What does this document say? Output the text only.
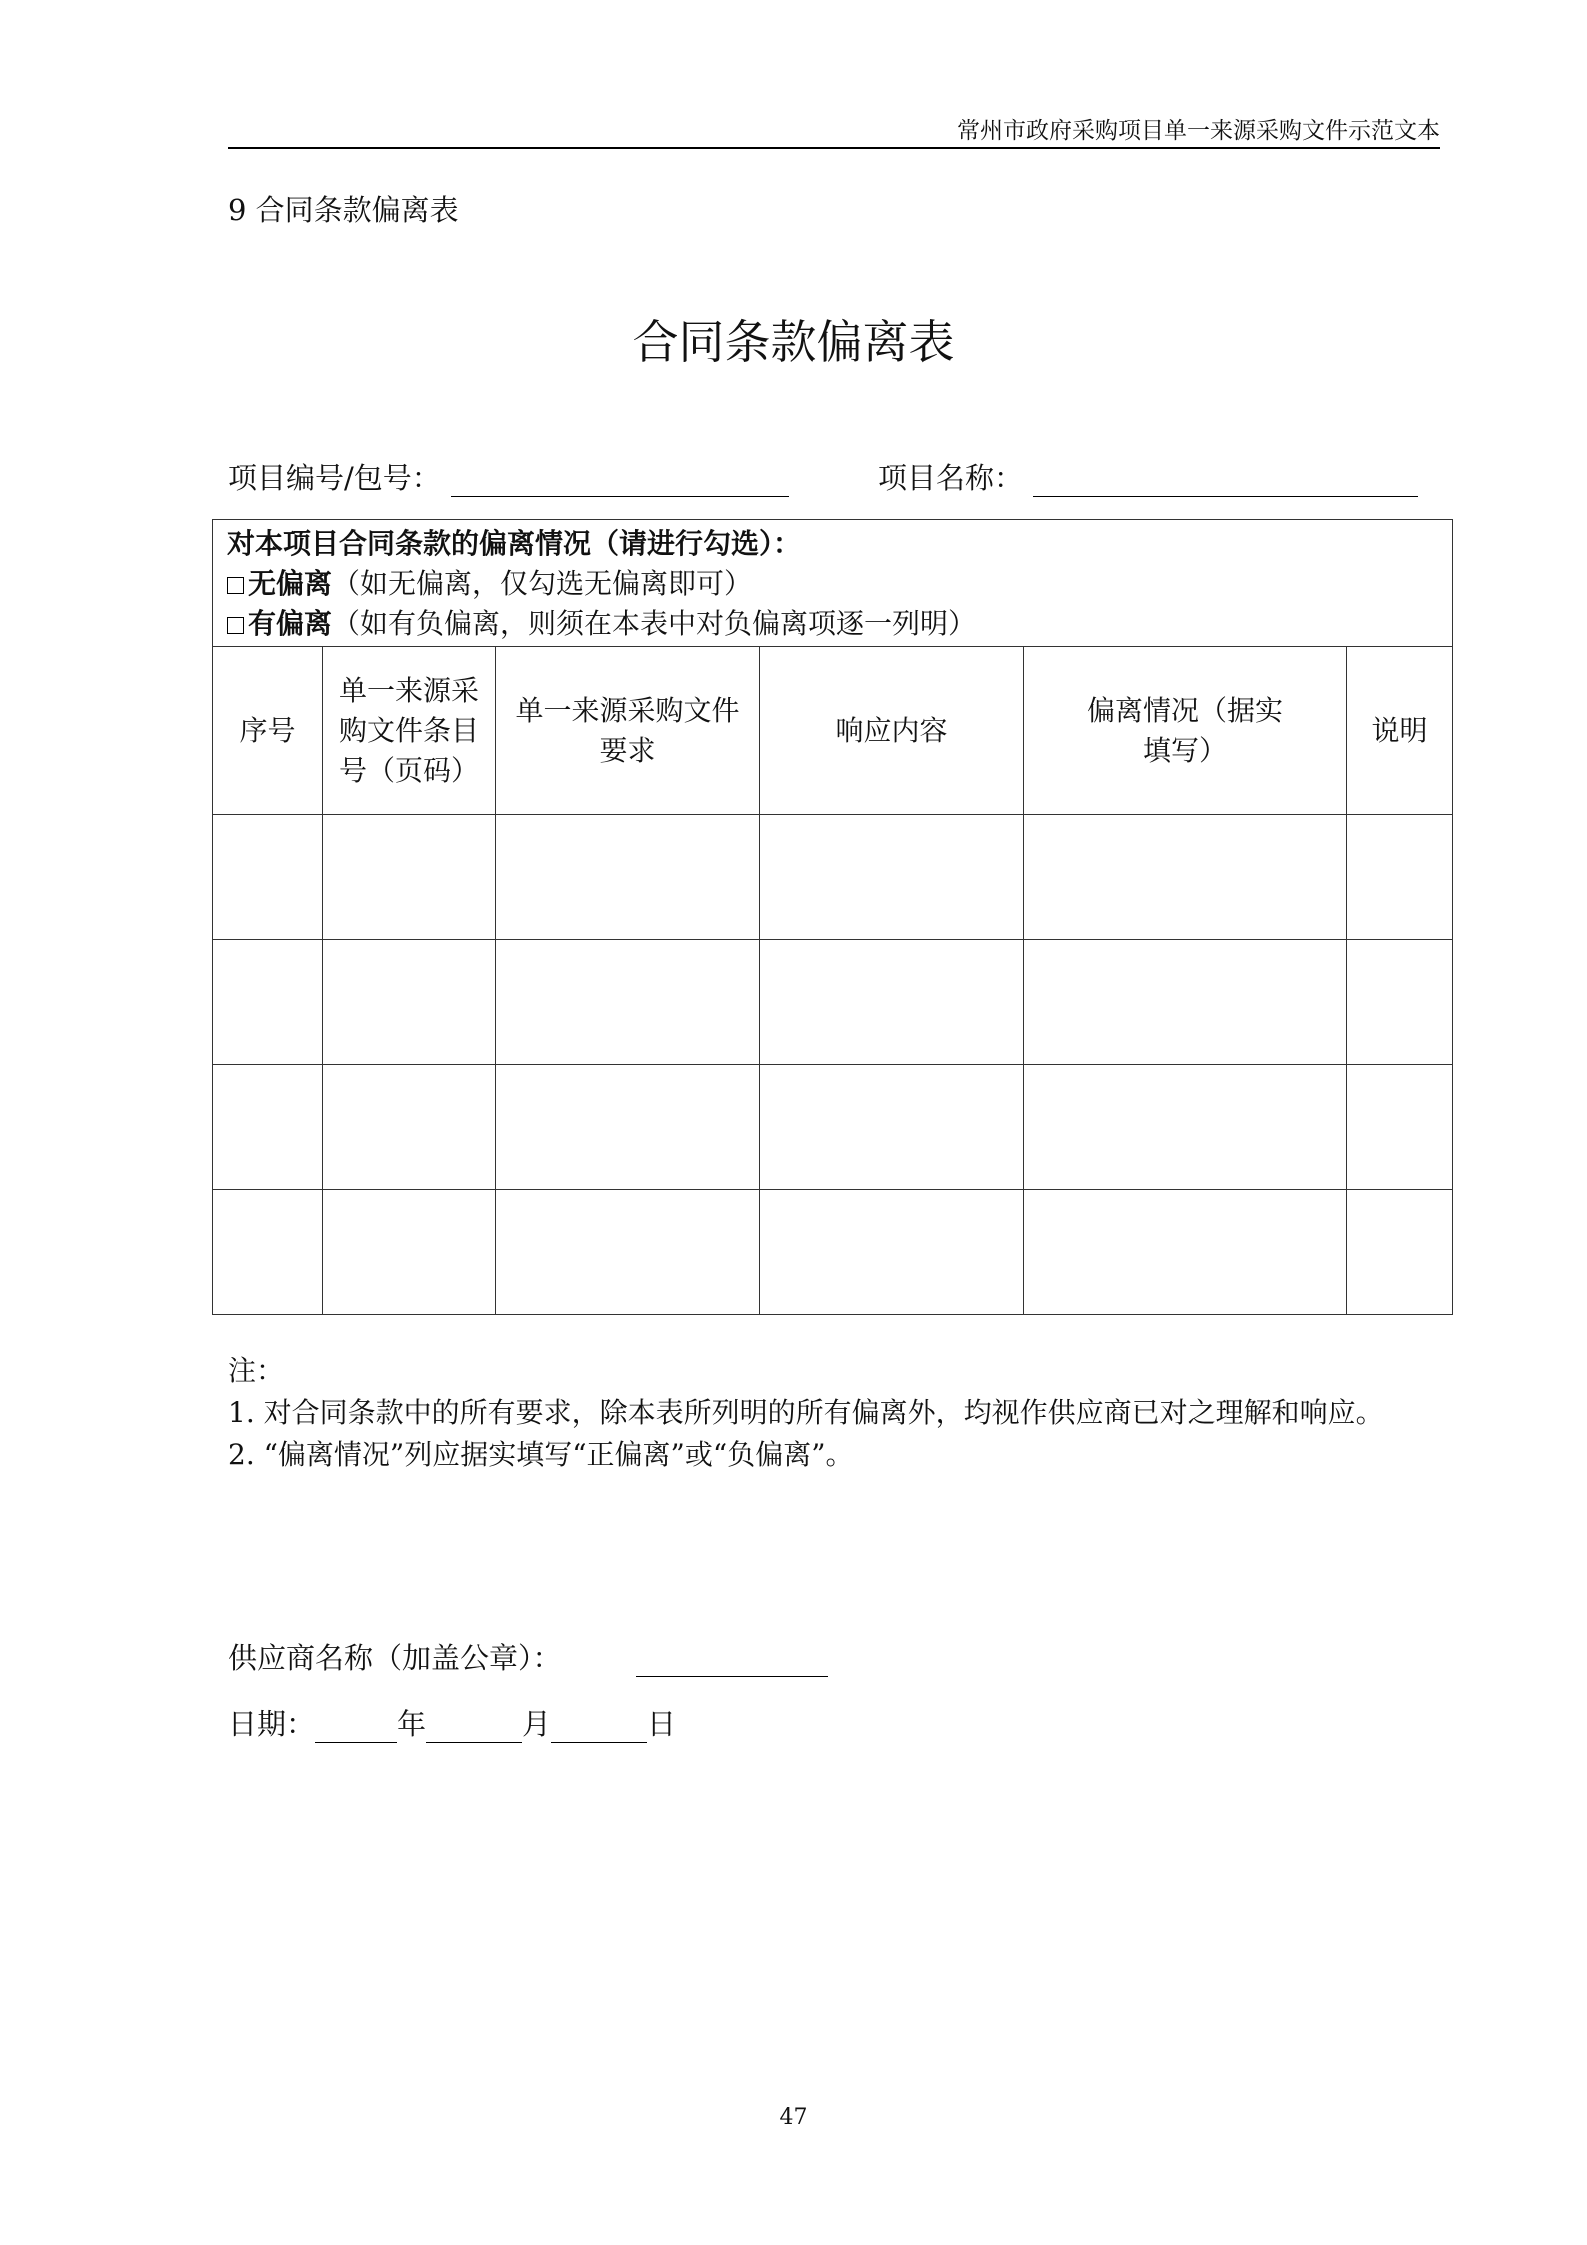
常州市政府采购项目单一来源采购文件示范文本
9 合同条款偏离表
合同条款偏离表
项目编号/包号：	项目名称：
对本项目合同条款的偏离情况（请进行勾选）：
无偏离（如无偏离，仅勾选无偏离即可）
有偏离（如有负偏离，则须在本表中对负偏离项逐一列明）					

序号	单一来源采购文件条目号（页码）	单一来源采购文件要求	响应内容	偏离情况（据实填写）	说明

注：

1. 对合同条款中的所有要求，除本表所列明的所有偏离外，均视作供应商已对之理解和响应。

2. “偏离情况”列应据实填写“正偏离”或“负偏离”。

供应商名称（加盖公章）：
日期：	年	月	日
47
